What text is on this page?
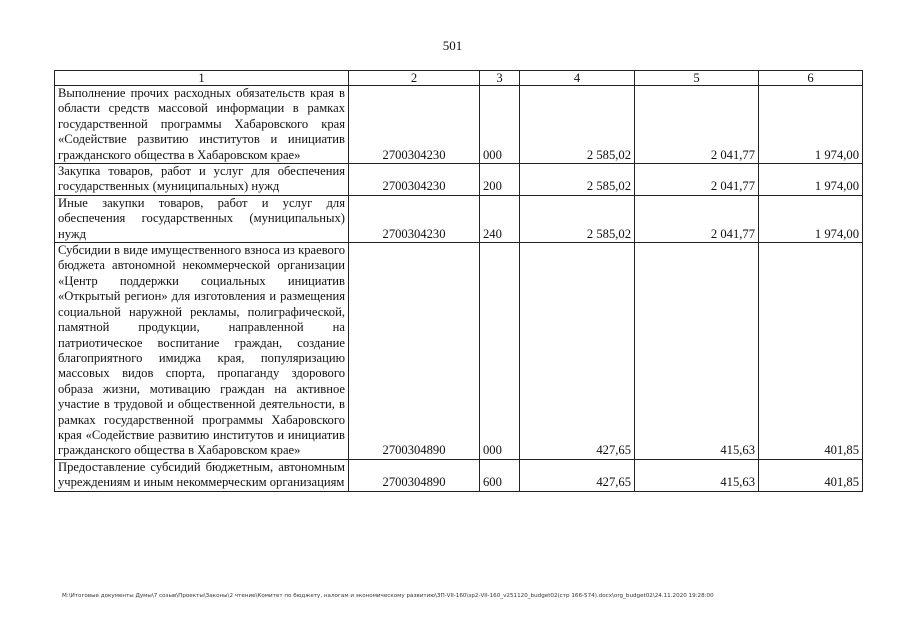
501
1	2	3	4	5	6
Выполнение прочих расходных обязательств края в области средств массовой информации в рамках государственной программы Хабаровского края «Содействие развитию институтов и инициатив гражданского общества в Хабаровском крае»	2700304230	000	2 585,02	2 041,77	1 974,00
Закупка товаров, работ и услуг для обеспечения государственных (муниципальных) нужд	2700304230	200	2 585,02	2 041,77	1 974,00
Иные закупки товаров, работ и услуг для обеспечения государственных (муниципальных) нужд	2700304230	240	2 585,02	2 041,77	1 974,00
Субсидии в виде имущественного взноса из краевого бюджета автономной некоммерческой организации «Центр поддержки социальных инициатив «Открытый регион» для изготовления и размещения социальной наружной рекламы, полиграфической, памятной продукции, направленной на патриотическое воспитание граждан, создание благоприятного имиджа края, популяризацию массовых видов спорта, пропаганду здорового образа жизни, мотивацию граждан на активное участие в трудовой и общественной деятельности, в рамках государственной программы Хабаровского края «Содействие развитию институтов и инициатив гражданского общества в Хабаровском крае»	2700304890	000	427,65	415,63	401,85
Предоставление субсидий бюджетным, автономным учреждениям и иным некоммерческим организациям	2700304890	600	427,65	415,63	401,85
M:\Итоговые документы Думы\7 созыв\Проекты\Законы\2 чтение\Комитет по бюджету, налогам и экономическому развитию\ЗП-VII-160\зр2-VII-160_v251120_budget02(стр 166-574).docx\org_budget02\24.11.2020 19:28:00
